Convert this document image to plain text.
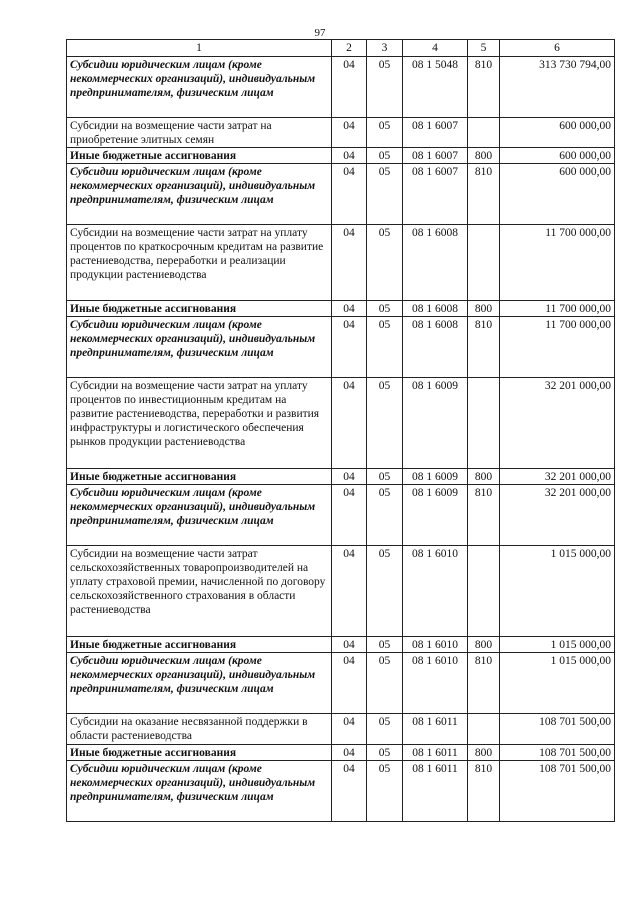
97
1	2	3	4	5	6
Субсидии юридическим лицам (кроме некоммерческих организаций), индивидуальным предпринимателям, физическим лицам	04	05	08 1 5048	810	313 730 794,00
Субсидии на возмещение части затрат на приобретение элитных семян	04	05	08 1 6007		600 000,00
Иные бюджетные ассигнования	04	05	08 1 6007	800	600 000,00
Субсидии юридическим лицам (кроме некоммерческих организаций), индивидуальным предпринимателям, физическим лицам	04	05	08 1 6007	810	600 000,00
Субсидии на возмещение части затрат на уплату процентов по краткосрочным кредитам на развитие растениеводства, переработки и реализации продукции растениеводства	04	05	08 1 6008		11 700 000,00
Иные бюджетные ассигнования	04	05	08 1 6008	800	11 700 000,00
Субсидии юридическим лицам (кроме некоммерческих организаций), индивидуальным предпринимателям, физическим лицам	04	05	08 1 6008	810	11 700 000,00
Субсидии на возмещение части затрат на уплату процентов по инвестиционным кредитам на развитие растениеводства, переработки и развития инфраструктуры и логистического обеспечения рынков продукции растениеводства	04	05	08 1 6009		32 201 000,00
Иные бюджетные ассигнования	04	05	08 1 6009	800	32 201 000,00
Субсидии юридическим лицам (кроме некоммерческих организаций), индивидуальным предпринимателям, физическим лицам	04	05	08 1 6009	810	32 201 000,00
Субсидии на возмещение части затрат сельскохозяйственных товаропроизводителей на уплату страховой премии, начисленной по договору сельскохозяйственного страхования в области растениеводства	04	05	08 1 6010		1 015 000,00
Иные бюджетные ассигнования	04	05	08 1 6010	800	1 015 000,00
Субсидии юридическим лицам (кроме некоммерческих организаций), индивидуальным предпринимателям, физическим лицам	04	05	08 1 6010	810	1 015 000,00
Субсидии на оказание несвязанной поддержки в области растениеводства	04	05	08 1 6011		108 701 500,00
Иные бюджетные ассигнования	04	05	08 1 6011	800	108 701 500,00
Субсидии юридическим лицам (кроме некоммерческих организаций), индивидуальным предпринимателям, физическим лицам	04	05	08 1 6011	810	108 701 500,00
